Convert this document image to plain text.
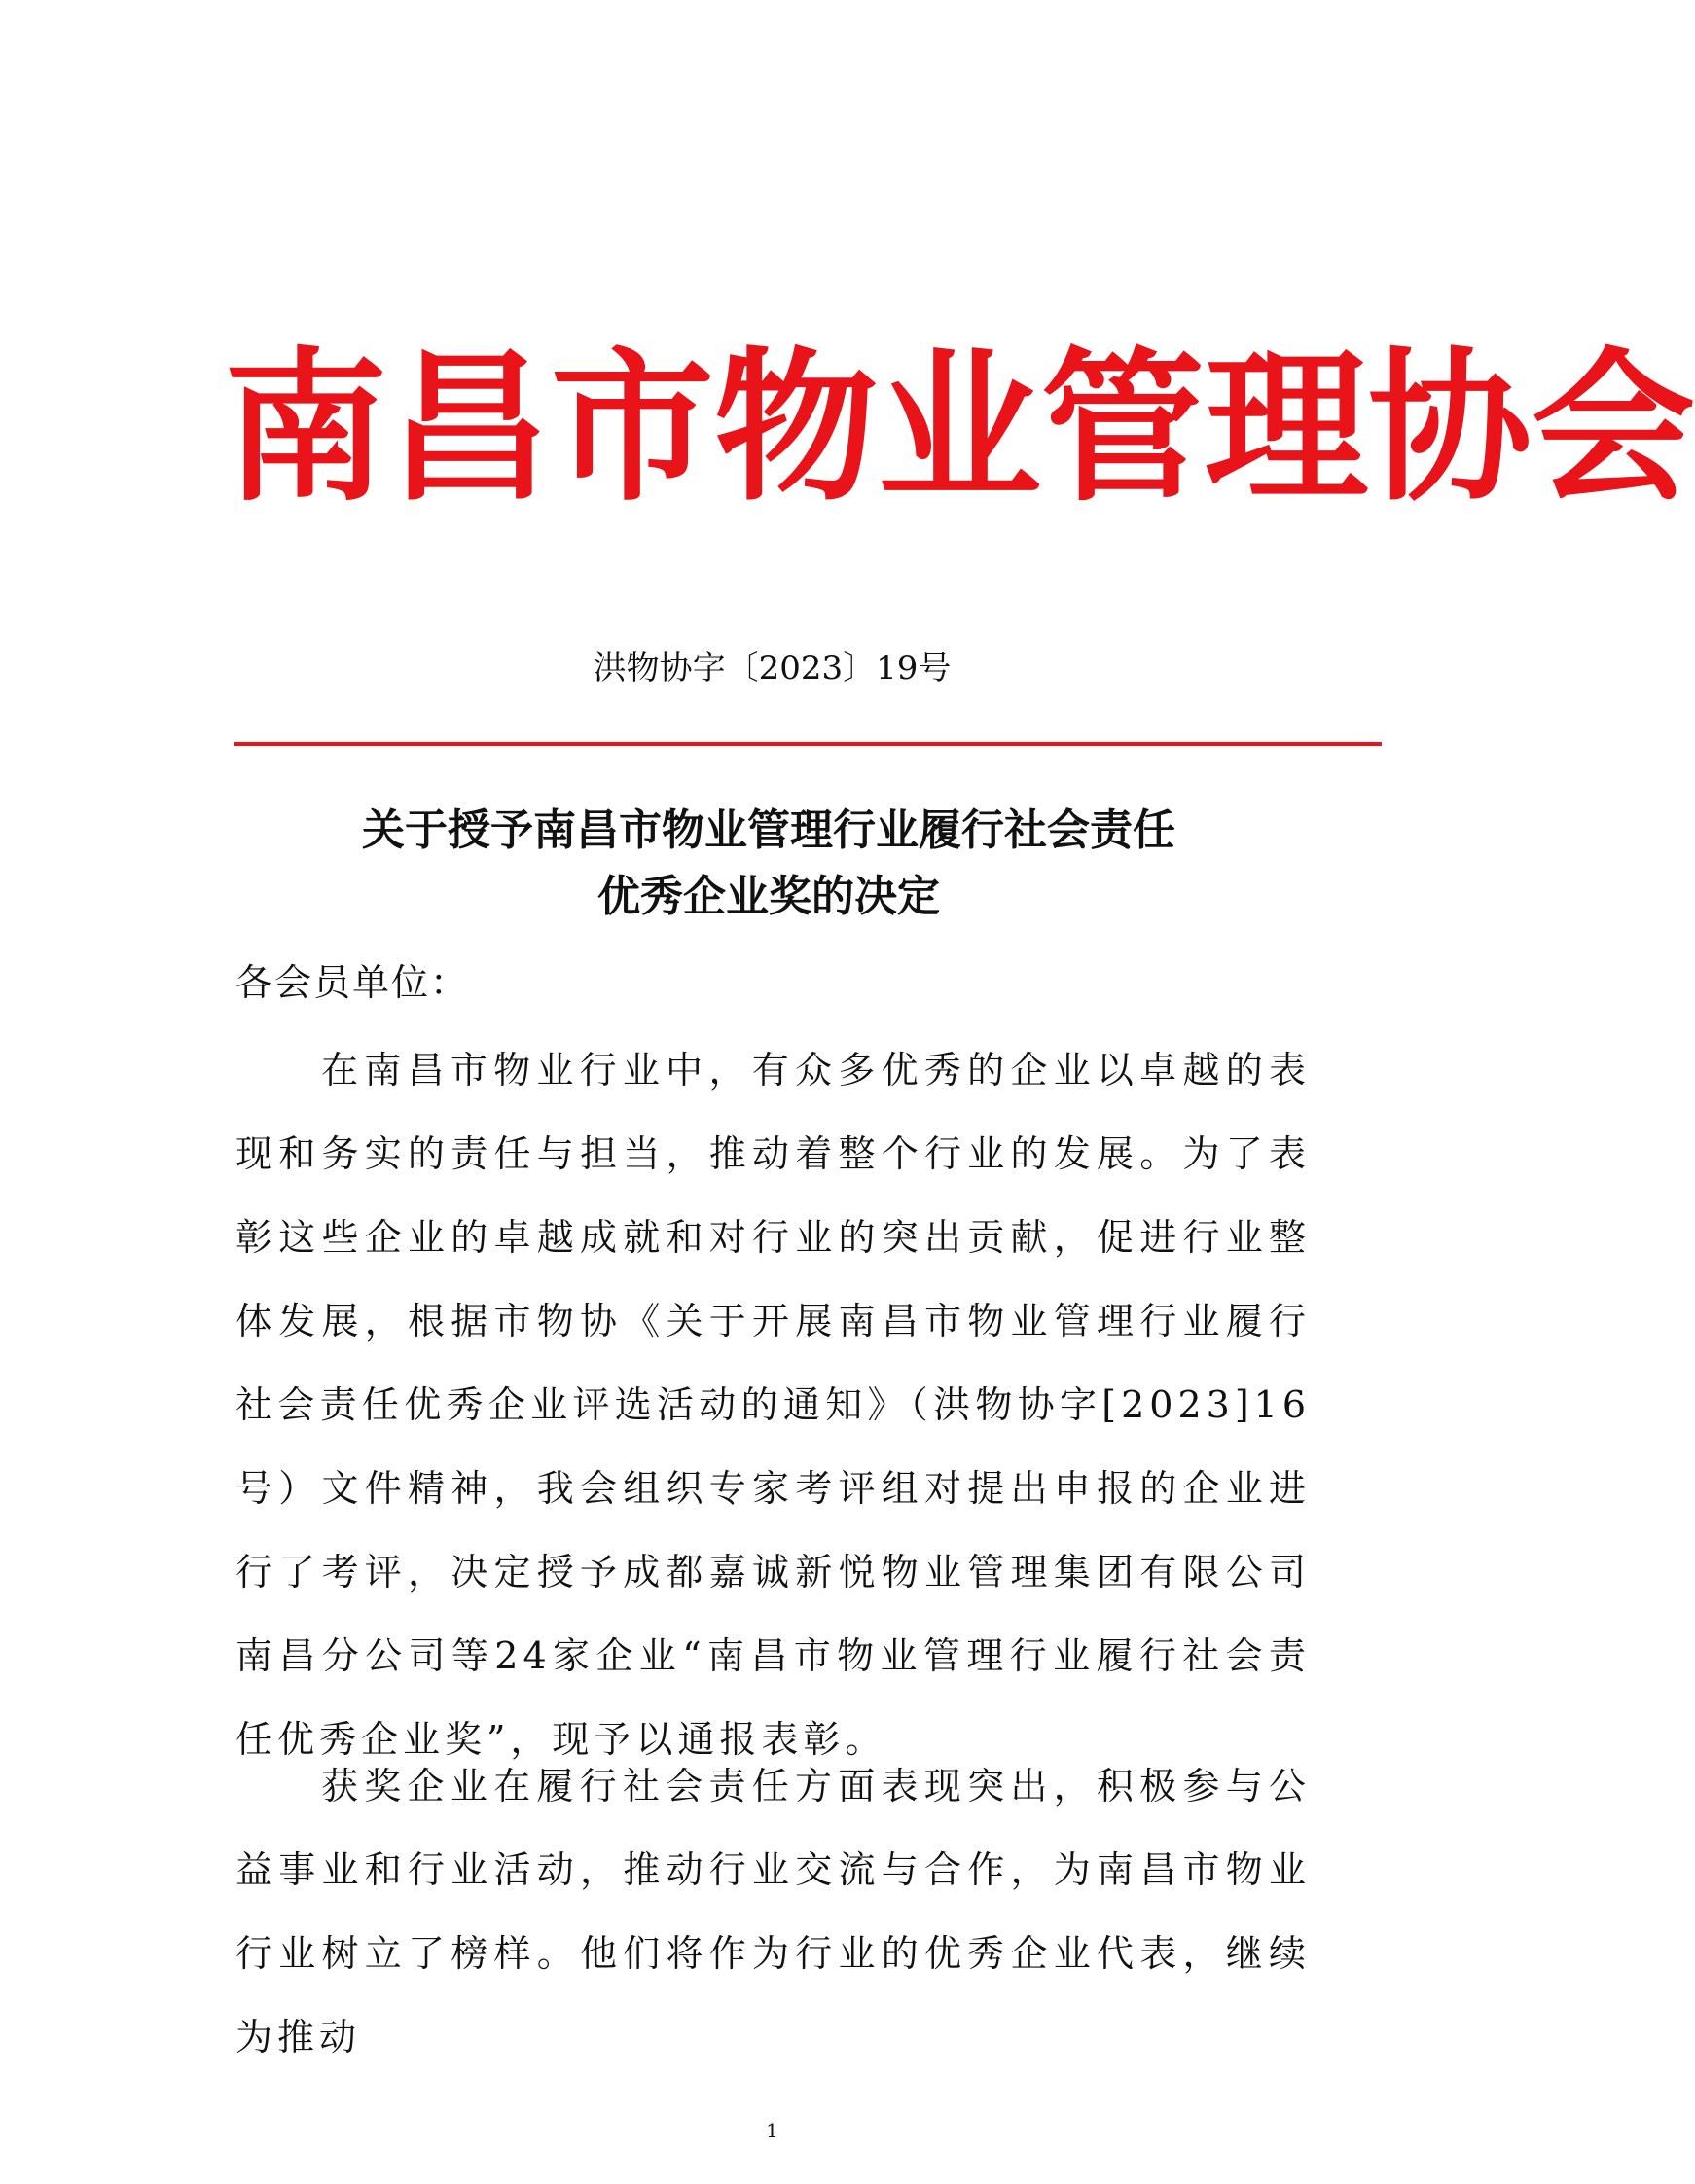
南昌市物业管理协会
洪物协字〔2023〕19号
关于授予南昌市物业管理行业履行社会责任
优秀企业奖的决定
各会员单位：
在南昌市物业行业中，有众多优秀的企业以卓越的表现和务实的责任与担当，推动着整个行业的发展。为了表彰这些企业的卓越成就和对行业的突出贡献，促进行业整体发展，根据市物协《关于开展南昌市物业管理行业履行社会责任优秀企业评选活动的通知》（洪物协字[2023]16号）文件精神，我会组织专家考评组对提出申报的企业进行了考评，决定授予成都嘉诚新悦物业管理集团有限公司南昌分公司等24家企业“南昌市物业管理行业履行社会责任优秀企业奖”，现予以通报表彰。
获奖企业在履行社会责任方面表现突出，积极参与公益事业和行业活动，推动行业交流与合作，为南昌市物业行业树立了榜样。他们将作为行业的优秀企业代表，继续为推动
1
